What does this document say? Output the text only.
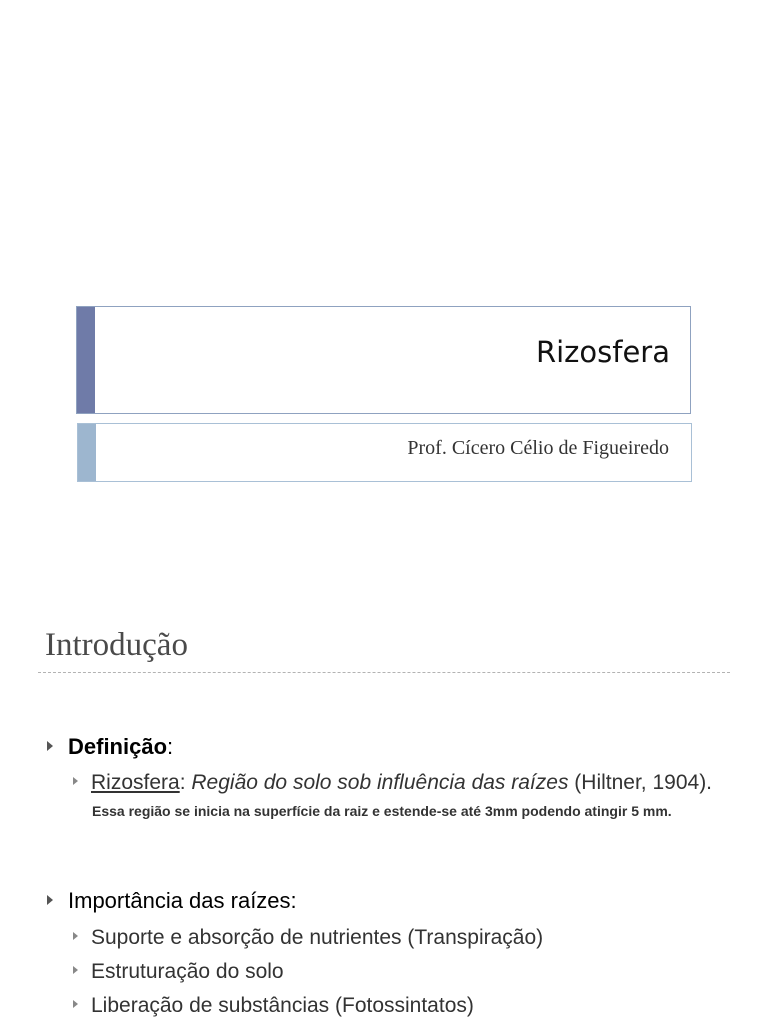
Rizosfera
Prof. Cícero Célio de Figueiredo
Introdução
Definição:
Rizosfera: Região do solo sob influência das raízes (Hiltner, 1904).
Essa região se inicia na superfície da raiz e estende-se até 3mm podendo atingir 5 mm.
Importância das raízes:
Suporte e absorção de nutrientes (Transpiração)
Estruturação do solo
Liberação de substâncias (Fotossintatos)
